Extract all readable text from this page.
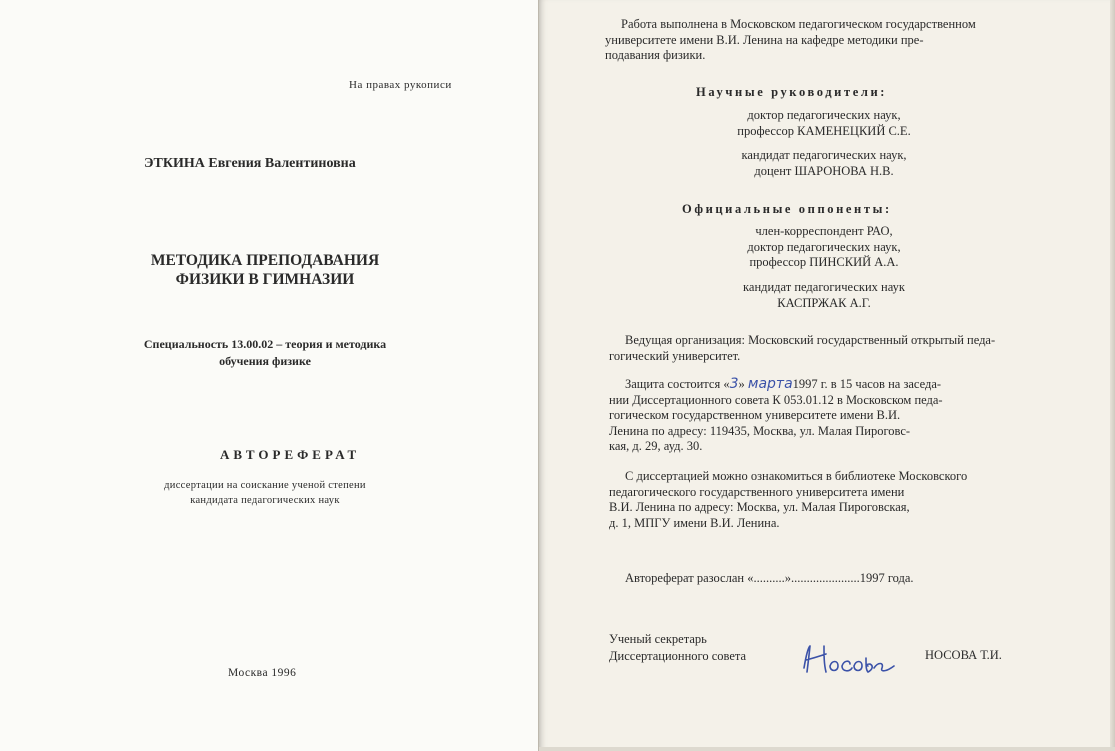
На правах рукописи
ЭТКИНА Евгения Валентиновна
МЕТОДИКА ПРЕПОДАВАНИЯ
ФИЗИКИ В ГИМНАЗИИ
Специальность 13.00.02 – теория и методика
обучения физике
АВТОРЕФЕРАТ
диссертации на соискание ученой степени
кандидата педагогических наук
Москва 1996
Работа выполнена в Московском педагогическом государственном
университете имени В.И. Ленина на кафедре методики пре-
подавания физики.
Научные руководители:
доктор педагогических наук,
профессор КАМЕНЕЦКИЙ С.Е.
кандидат педагогических наук,
доцент ШАРОНОВА Н.В.
Официальные оппоненты:
член-корреспондент РАО,
доктор педагогических наук,
профессор ПИНСКИЙ А.А.
кандидат педагогических наук
КАСПРЖАК А.Г.
Ведущая организация: Московский государственный открытый педа-
гогический университет.
Защита состоится «3» марта1997 г. в 15 часов на заседа-
нии Диссертационного совета К 053.01.12 в Московском педа-
гогическом государственном университете имени В.И.
Ленина по адресу: 119435, Москва, ул. Малая Пироговс-
кая, д. 29, ауд. 30.
С диссертацией можно ознакомиться в библиотеке Московского
педагогического государственного университета имени
В.И. Ленина по адресу: Москва, ул. Малая Пироговская,
д. 1, МПГУ имени В.И. Ленина.
Автореферат разослан «..........»......................1997 года.
Ученый секретарь
Диссертационного совета	НОСОВА Т.И.
